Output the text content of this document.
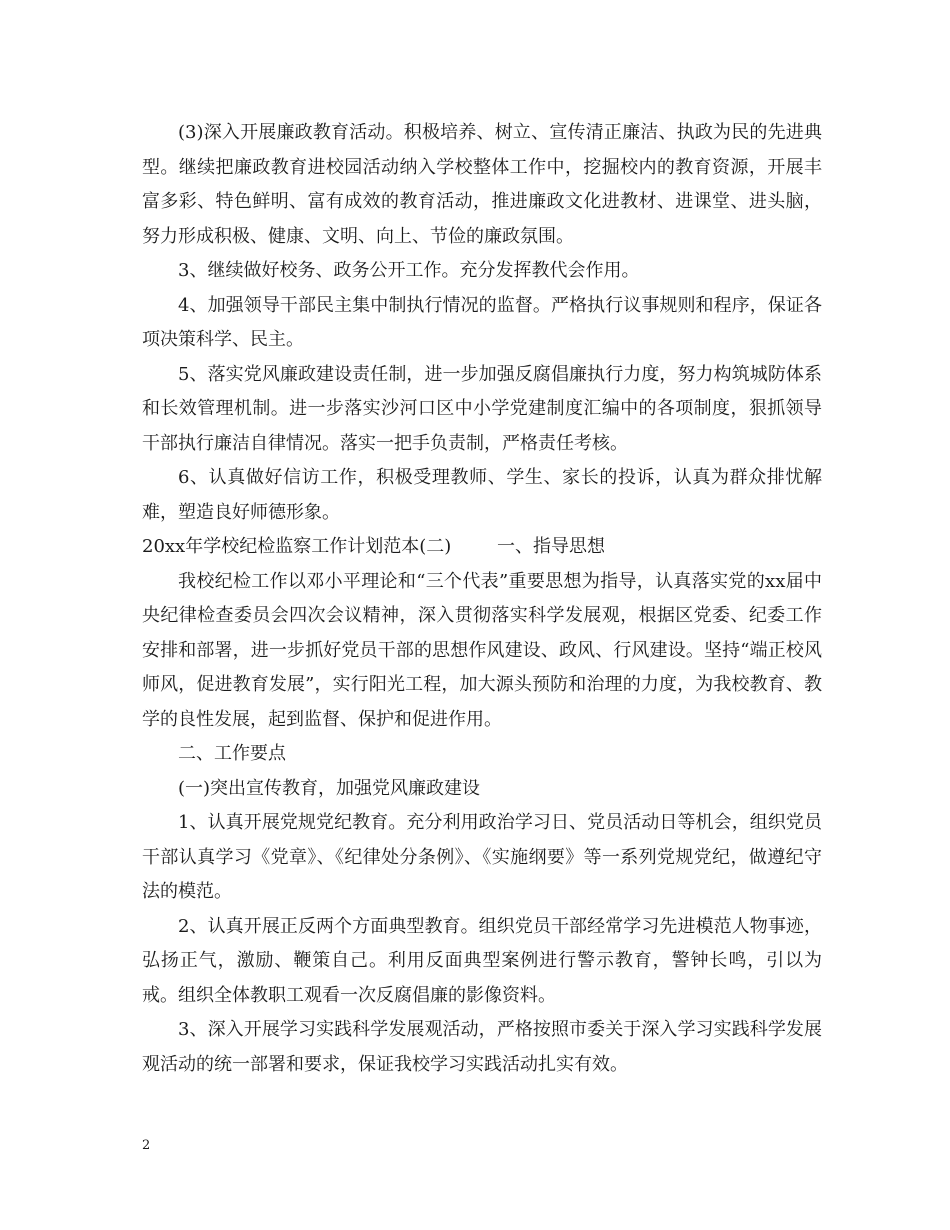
(3)深入开展廉政教育活动。积极培养、树立、宣传清正廉洁、执政为民的先进典型。继续把廉政教育进校园活动纳入学校整体工作中，挖掘校内的教育资源，开展丰富多彩、特色鲜明、富有成效的教育活动，推进廉政文化进教材、进课堂、进头脑，努力形成积极、健康、文明、向上、节俭的廉政氛围。

3、继续做好校务、政务公开工作。充分发挥教代会作用。

4、加强领导干部民主集中制执行情况的监督。严格执行议事规则和程序，保证各项决策科学、民主。

5、落实党风廉政建设责任制，进一步加强反腐倡廉执行力度，努力构筑城防体系和长效管理机制。进一步落实沙河口区中小学党建制度汇编中的各项制度，狠抓领导干部执行廉洁自律情况。落实一把手负责制，严格责任考核。

6、认真做好信访工作，积极受理教师、学生、家长的投诉，认真为群众排忧解难，塑造良好师德形象。

20xx年学校纪检监察工作计划范本(二)	一、指导思想

我校纪检工作以邓小平理论和“三个代表”重要思想为指导，认真落实党的xx届中央纪律检查委员会四次会议精神，深入贯彻落实科学发展观，根据区党委、纪委工作安排和部署，进一步抓好党员干部的思想作风建设、政风、行风建设。坚持“端正校风师风，促进教育发展”，实行阳光工程，加大源头预防和治理的力度，为我校教育、教学的良性发展，起到监督、保护和促进作用。

二、工作要点

(一)突出宣传教育，加强党风廉政建设

1、认真开展党规党纪教育。充分利用政治学习日、党员活动日等机会，组织党员干部认真学习《党章》、《纪律处分条例》、《实施纲要》等一系列党规党纪，做遵纪守法的模范。

2、认真开展正反两个方面典型教育。组织党员干部经常学习先进模范人物事迹，弘扬正气，激励、鞭策自己。利用反面典型案例进行警示教育，警钟长鸣，引以为戒。组织全体教职工观看一次反腐倡廉的影像资料。

3、深入开展学习实践科学发展观活动，严格按照市委关于深入学习实践科学发展观活动的统一部署和要求，保证我校学习实践活动扎实有效。

2
